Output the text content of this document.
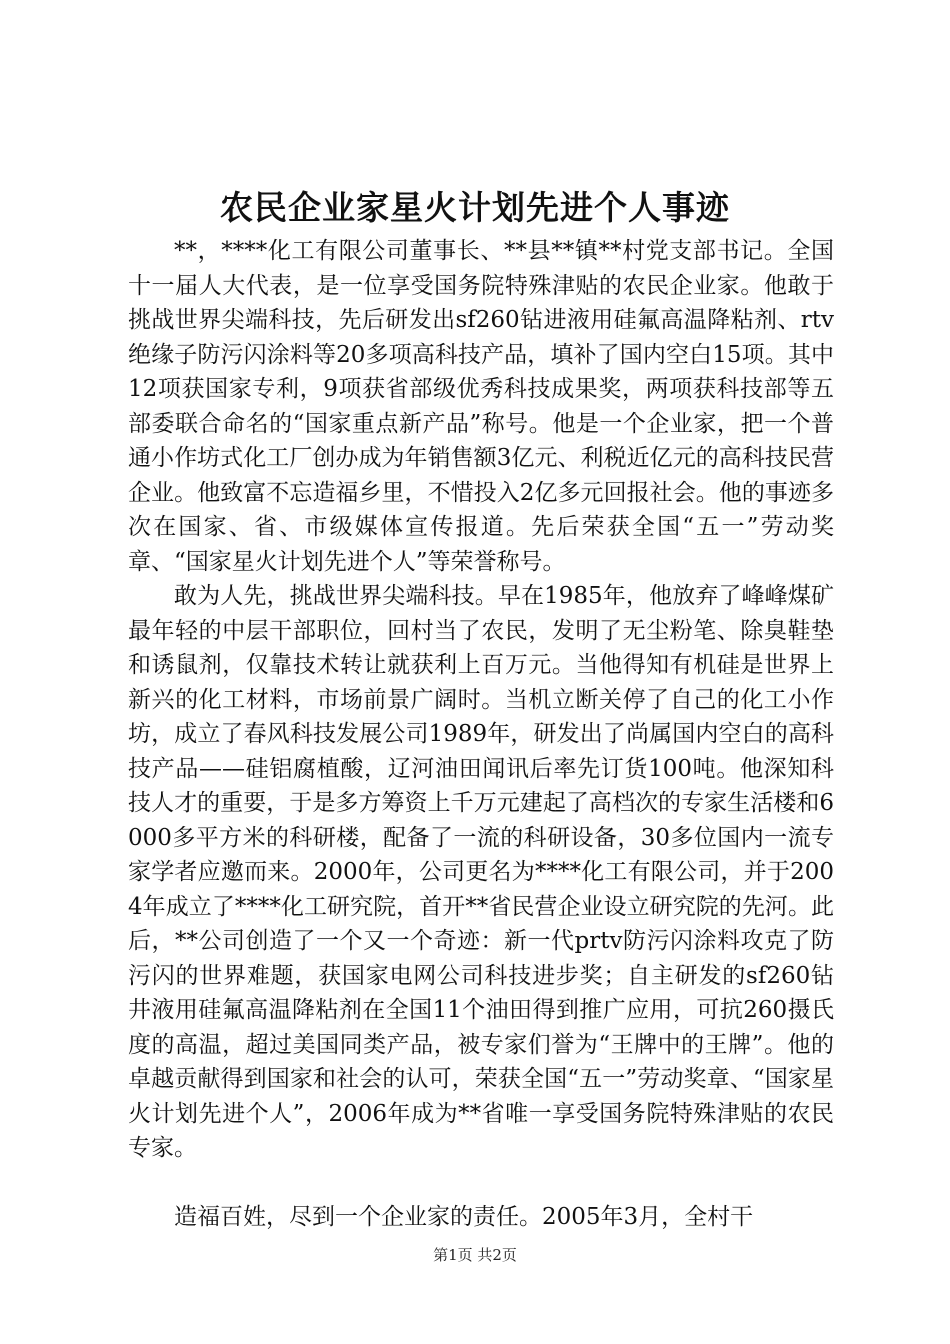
农民企业家星火计划先进个人事迹

**，****化工有限公司董事长、**县**镇**村党支部书记。全国十一届人大代表，是一位享受国务院特殊津贴的农民企业家。他敢于挑战世界尖端科技，先后研发出sf260钻进液用硅氟高温降粘剂、rtv绝缘子防污闪涂料等20多项高科技产品，填补了国内空白15项。其中12项获国家专利，9项获省部级优秀科技成果奖，两项获科技部等五部委联合命名的“国家重点新产品”称号。他是一个企业家，把一个普通小作坊式化工厂创办成为年销售额3亿元、利税近亿元的高科技民营企业。他致富不忘造福乡里，不惜投入2亿多元回报社会。他的事迹多次在国家、省、市级媒体宣传报道。先后荣获全国“五一”劳动奖章、“国家星火计划先进个人”等荣誉称号。

敢为人先，挑战世界尖端科技。早在1985年，他放弃了峰峰煤矿最年轻的中层干部职位，回村当了农民，发明了无尘粉笔、除臭鞋垫和诱鼠剂，仅靠技术转让就获利上百万元。当他得知有机硅是世界上新兴的化工材料，市场前景广阔时。当机立断关停了自己的化工小作坊，成立了春风科技发展公司1989年，研发出了尚属国内空白的高科技产品——硅铝腐植酸，辽河油田闻讯后率先订货100吨。他深知科技人才的重要，于是多方筹资上千万元建起了高档次的专家生活楼和6000多平方米的科研楼，配备了一流的科研设备，30多位国内一流专家学者应邀而来。2000年，公司更名为****化工有限公司，并于2004年成立了****化工研究院，首开**省民营企业设立研究院的先河。此后，**公司创造了一个又一个奇迹：新一代prtv防污闪涂料攻克了防污闪的世界难题，获国家电网公司科技进步奖；自主研发的sf260钻井液用硅氟高温降粘剂在全国11个油田得到推广应用，可抗260摄氏度的高温，超过美国同类产品，被专家们誉为“王牌中的王牌”。他的卓越贡献得到国家和社会的认可，荣获全国“五一”劳动奖章、“国家星火计划先进个人”，2006年成为**省唯一享受国务院特殊津贴的农民专家。

造福百姓，尽到一个企业家的责任。2005年3月，全村干

第1页 共2页
